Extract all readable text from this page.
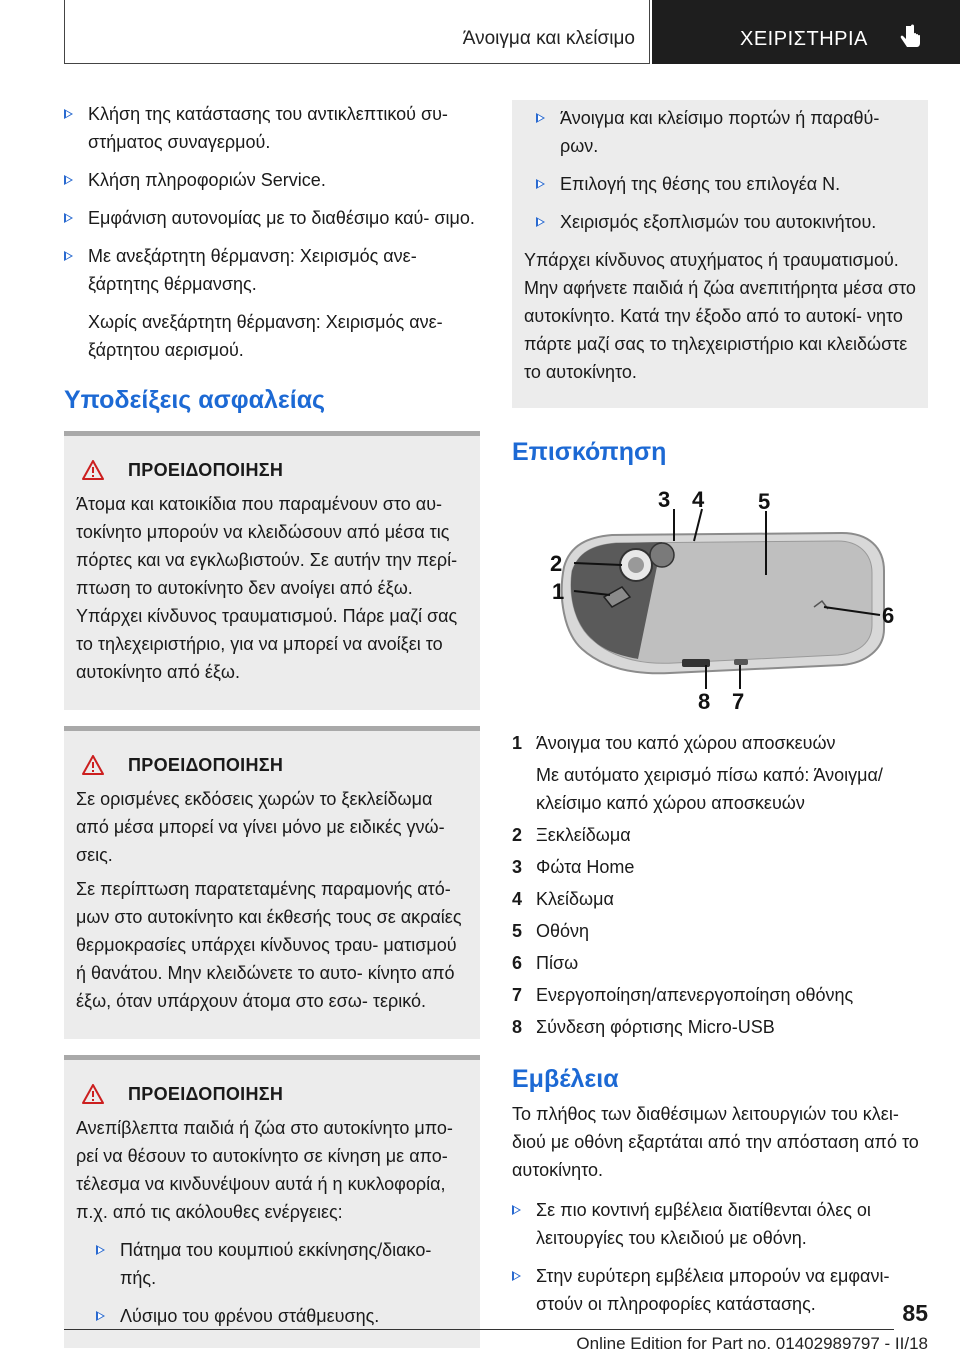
Άνοιγμα και κλείσιμο	ΧΕΙΡΙΣΤΗΡΙΑ
Κλήση της κατάστασης του αντικλεπτικού συ‐ στήματος συναγερμού.
Κλήση πληροφοριών Service.
Εμφάνιση αυτονομίας με το διαθέσιμο καύ‐ σιμο.
Με ανεξάρτητη θέρμανση: Χειρισμός ανε‐ ξάρτητης θέρμανσης.

Χωρίς ανεξάρτητη θέρμανση: Χειρισμός ανε‐ ξάρτητου αερισμού.

Υποδείξεις ασφαλείας
ΠΡΟΕΙΔΟΠΟΙΗΣΗ

Άτομα και κατοικίδια που παραμένουν στο αυ‐ τοκίνητο μπορούν να κλειδώσουν από μέσα τις πόρτες και να εγκλωβιστούν. Σε αυτήν την περί‐ πτωση το αυτοκίνητο δεν ανοίγει από έξω. Υπάρχει κίνδυνος τραυματισμού. Πάρε μαζί σας το τηλεχειριστήριο, για να μπορεί να ανοίξει το αυτοκίνητο από έξω.

ΠΡΟΕΙΔΟΠΟΙΗΣΗ

Σε ορισμένες εκδόσεις χωρών το ξεκλείδωμα από μέσα μπορεί να γίνει μόνο με ειδικές γνώ‐ σεις.

Σε περίπτωση παρατεταμένης παραμονής ατό‐ μων στο αυτοκίνητο και έκθεσής τους σε ακραίες θερμοκρασίες υπάρχει κίνδυνος τραυ‐ ματισμού ή θανάτου. Μην κλειδώνετε το αυτο‐ κίνητο από έξω, όταν υπάρχουν άτομα στο εσω‐ τερικό.

ΠΡΟΕΙΔΟΠΟΙΗΣΗ

Ανεπίβλεπτα παιδιά ή ζώα στο αυτοκίνητο μπο‐ ρεί να θέσουν το αυτοκίνητο σε κίνηση με απο‐ τέλεσμα να κινδυνέψουν αυτά ή η κυκλοφορία, π.χ. από τις ακόλουθες ενέργειες:

Πάτημα του κουμπιού εκκίνησης/διακο‐ πής.
Λύσιμο του φρένου στάθμευσης.
Άνοιγμα και κλείσιμο πορτών ή παραθύ‐ ρων.
Επιλογή της θέσης του επιλογέα N.
Χειρισμός εξοπλισμών του αυτοκινήτου.

Υπάρχει κίνδυνος ατυχήματος ή τραυματισμού. Μην αφήνετε παιδιά ή ζώα ανεπιτήρητα μέσα στο αυτοκίνητο. Κατά την έξοδο από το αυτοκί‐ νητο πάρτε μαζί σας το τηλεχειριστήριο και κλειδώστε το αυτοκίνητο.

Επισκόπηση
3 4 5
2
1
6
8 7
1 Άνοιγμα του καπό χώρου αποσκευών

Με αυτόματο χειρισμό πίσω καπό: Άνοιγμα/ κλείσιμο καπό χώρου αποσκευών

2 Ξεκλείδωμα
3 Φώτα Home
4 Κλείδωμα
5 Οθόνη
6 Πίσω
7 Ενεργοποίηση/απενεργοποίηση οθόνης
8 Σύνδεση φόρτισης Micro-USB
Εμβέλεια

Το πλήθος των διαθέσιμων λειτουργιών του κλει‐ διού με οθόνη εξαρτάται από την απόσταση από το αυτοκίνητο.

Σε πιο κοντινή εμβέλεια διατίθενται όλες οι λειτουργίες του κλειδιού με οθόνη.
Στην ευρύτερη εμβέλεια μπορούν να εμφανι‐ στούν οι πληροφορίες κατάστασης.	85
Online Edition for Part no. 01402989797 - II/18
